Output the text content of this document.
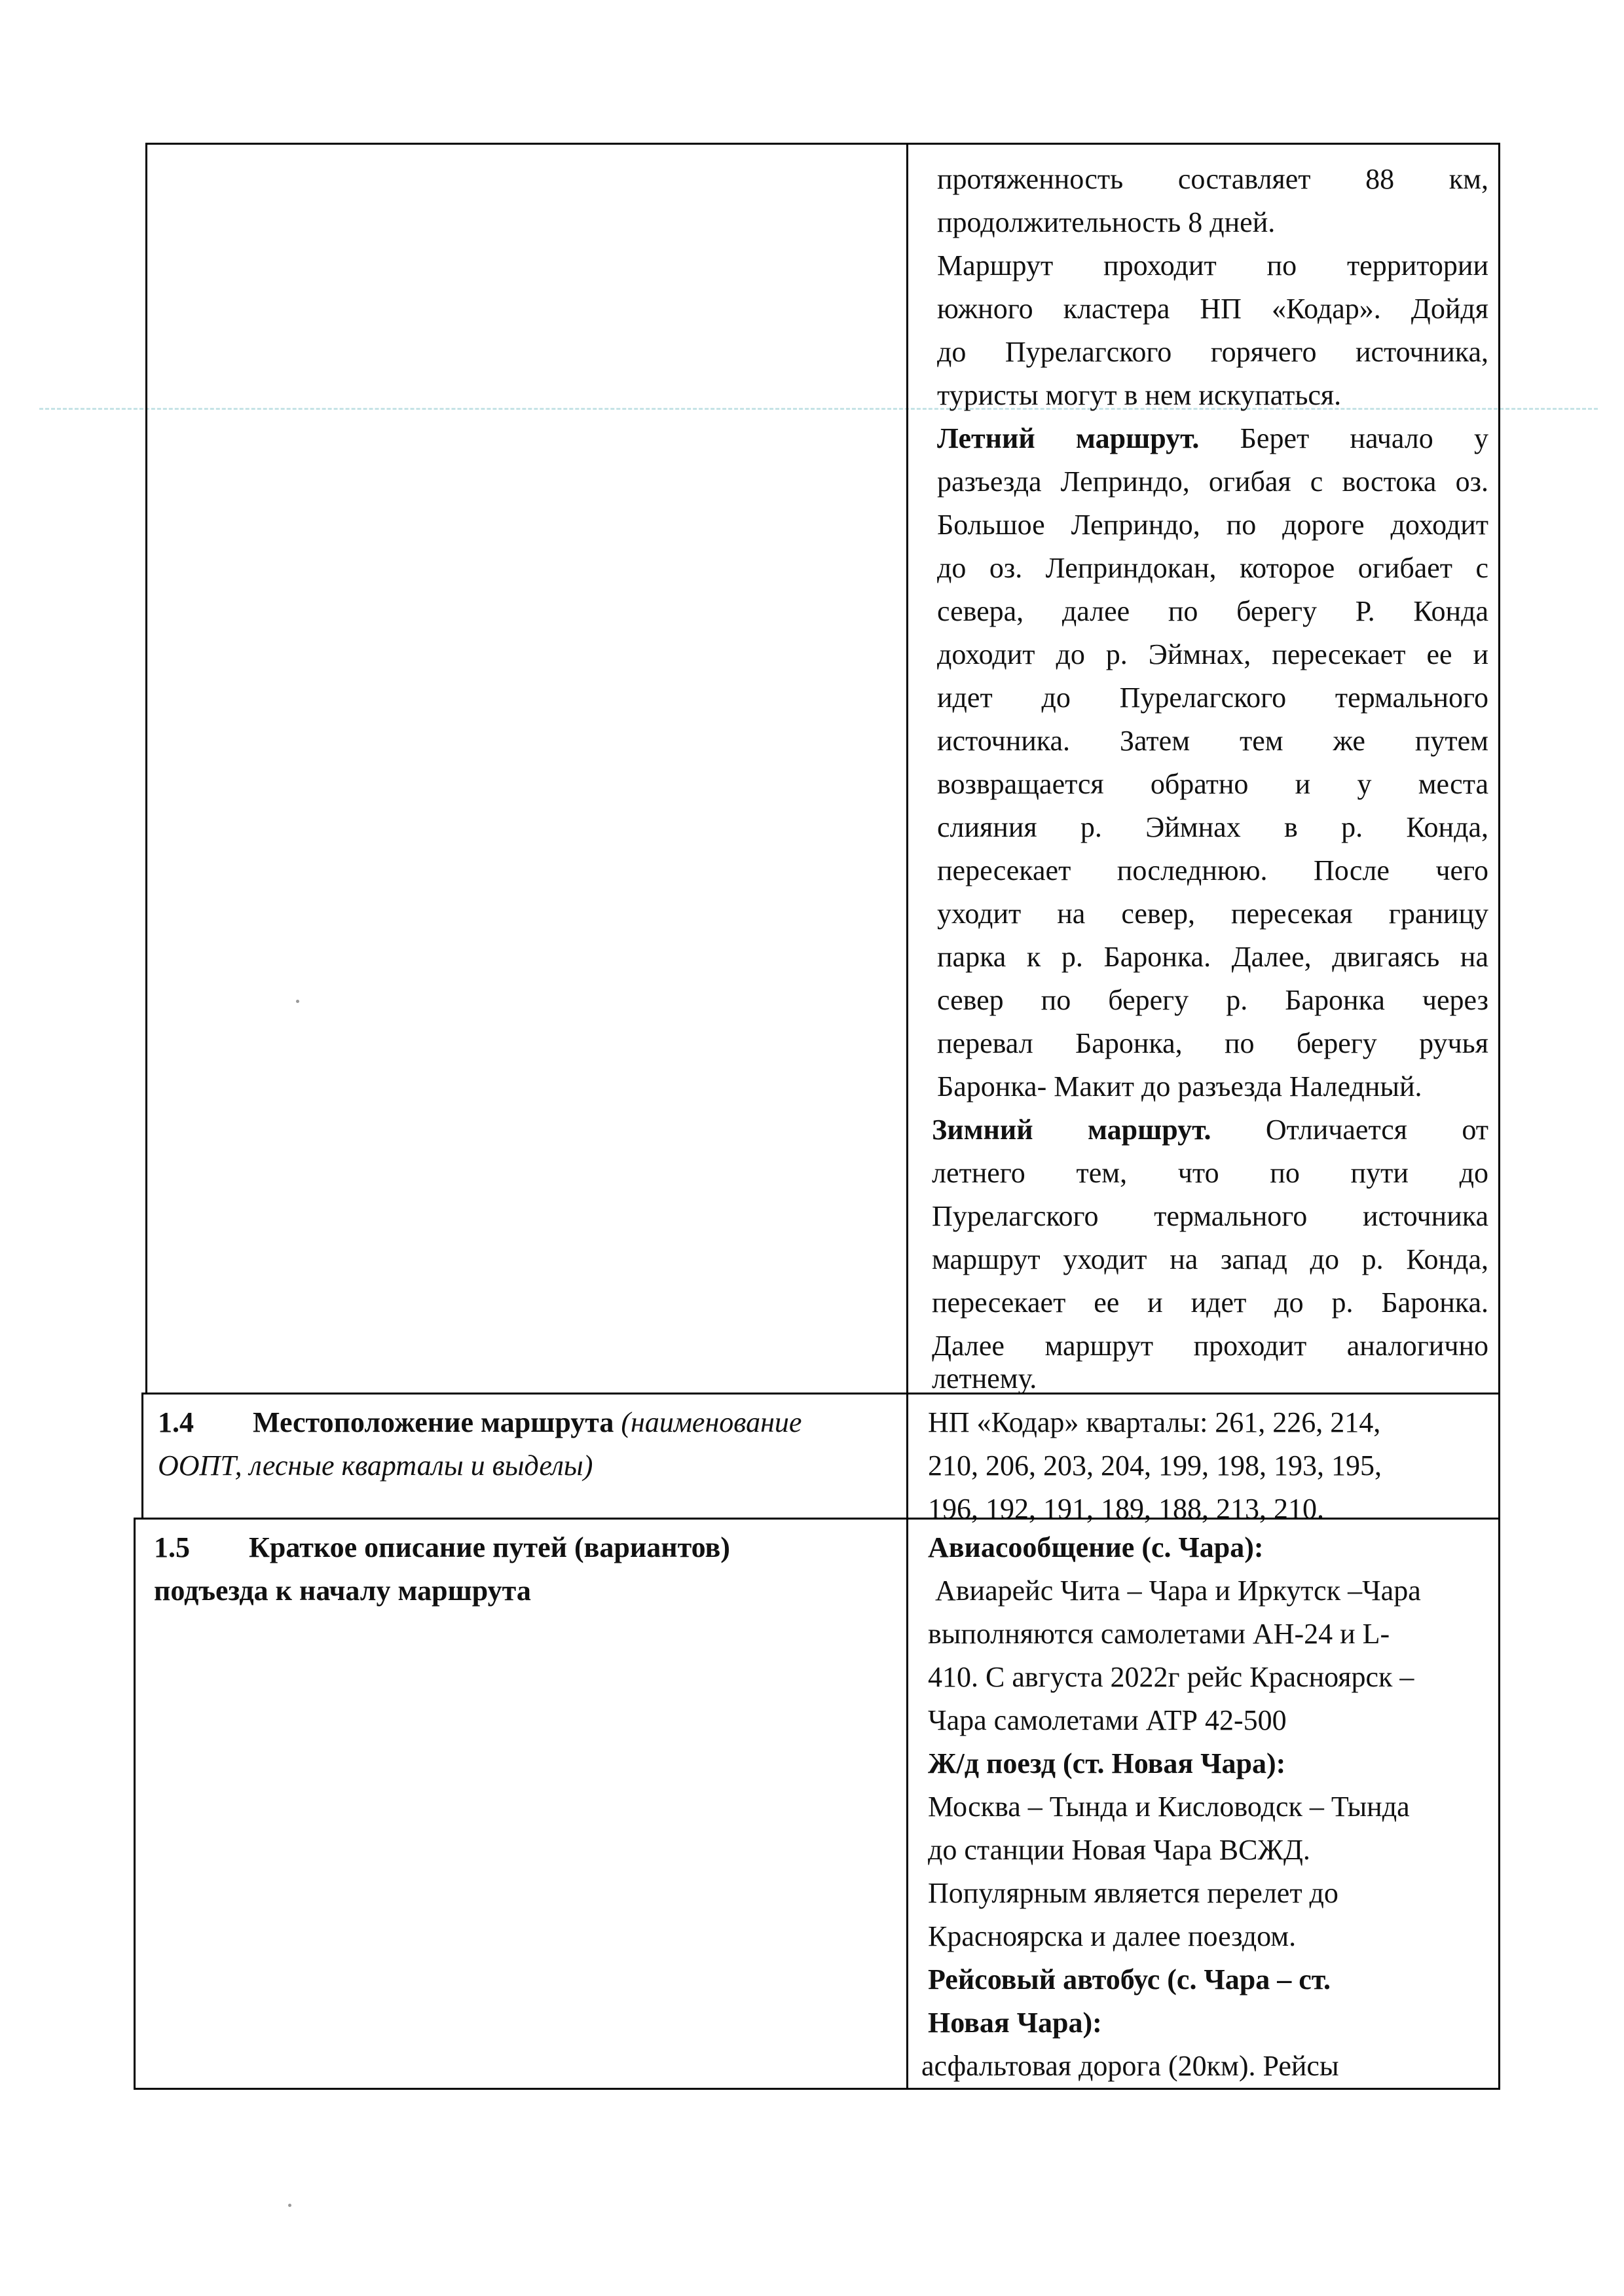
протяженность составляет 88 км,

продолжительность 8 дней.

Маршрут проходит по территории

южного кластера НП «Кодар». Дойдя

до Пурелагского горячего источника,

туристы могут в нем искупаться.

Летний маршрут. Берет начало у

разъезда Леприндо, огибая с востока оз.

Большое Леприндо, по дороге доходит

до оз. Леприндокан, которое огибает с

севера, далее по берегу Р. Конда

доходит до р. Эймнах, пересекает ее и

идет до Пурелагского термального

источника. Затем тем же путем

возвращается обратно и у места

слияния р. Эймнах в р. Конда,

пересекает последнюю. После чего

уходит на север, пересекая границу

парка к р. Баронка. Далее, двигаясь на

север по берегу р. Баронка через

перевал Баронка, по берегу ручья

Баронка- Макит до разъезда Наледный.

Зимний маршрут. Отличается от

летнего тем, что по пути до

Пурелагского термального источника

маршрут уходит на запад до р. Конда,

пересекает ее и идет до р. Баронка.

Далее маршрут проходит аналогично

летнему.

1.4 Местоположение маршрута (наименование

ООПТ, лесные кварталы и выделы)

НП «Кодар» кварталы: 261, 226, 214,

210, 206, 203, 204, 199, 198, 193, 195,

196, 192, 191, 189, 188, 213, 210.

1.5 Краткое описание путей (вариантов)

подъезда к началу маршрута

Авиасообщение (с. Чара):

Авиарейс Чита – Чара и Иркутск –Чара

выполняются самолетами АН-24 и L-

410. С августа 2022г рейс Красноярск –

Чара самолетами АТР 42-500

Ж/д поезд (ст. Новая Чара):

Москва – Тында и Кисловодск – Тында

до станции Новая Чара ВСЖД.

Популярным является перелет до

Красноярска и далее поездом.

Рейсовый автобус (с. Чара – ст.

Новая Чара):

асфальтовая дорога (20км). Рейсы
